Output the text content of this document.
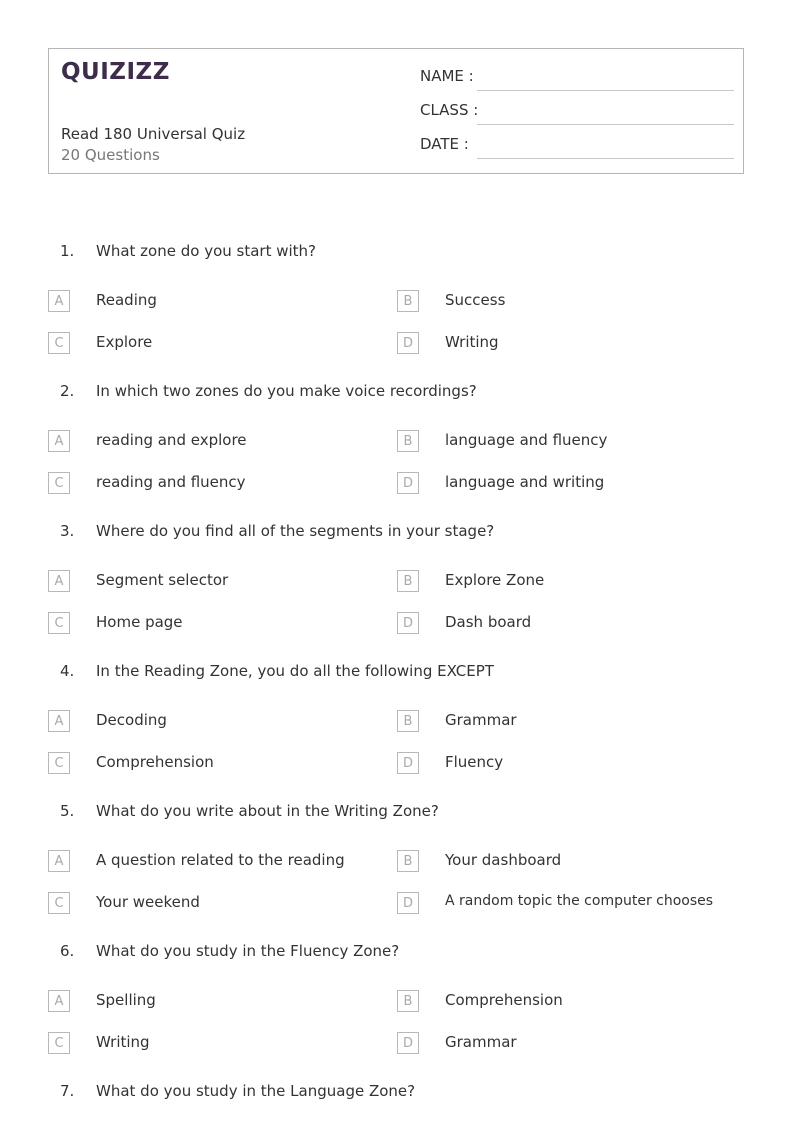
QUIZIZZ
Read 180 Universal Quiz
20 Questions
NAME :
CLASS :
DATE :
1. What zone do you start with?
A	Reading	B	Success
C	Explore	D	Writing
2. In which two zones do you make voice recordings?
A	reading and explore	B	language and fluency
C	reading and fluency	D	language and writing
3. Where do you find all of the segments in your stage?
A	Segment selector	B	Explore Zone
C	Home page	D	Dash board
4. In the Reading Zone, you do all the following EXCEPT
A	Decoding	B	Grammar
C	Comprehension	D	Fluency
5. What do you write about in the Writing Zone?
A	A question related to the reading	B	Your dashboard
C	Your weekend	D	A random topic the computer chooses
6. What do you study in the Fluency Zone?
A	Spelling	B	Comprehension
C	Writing	D	Grammar
7. What do you study in the Language Zone?
